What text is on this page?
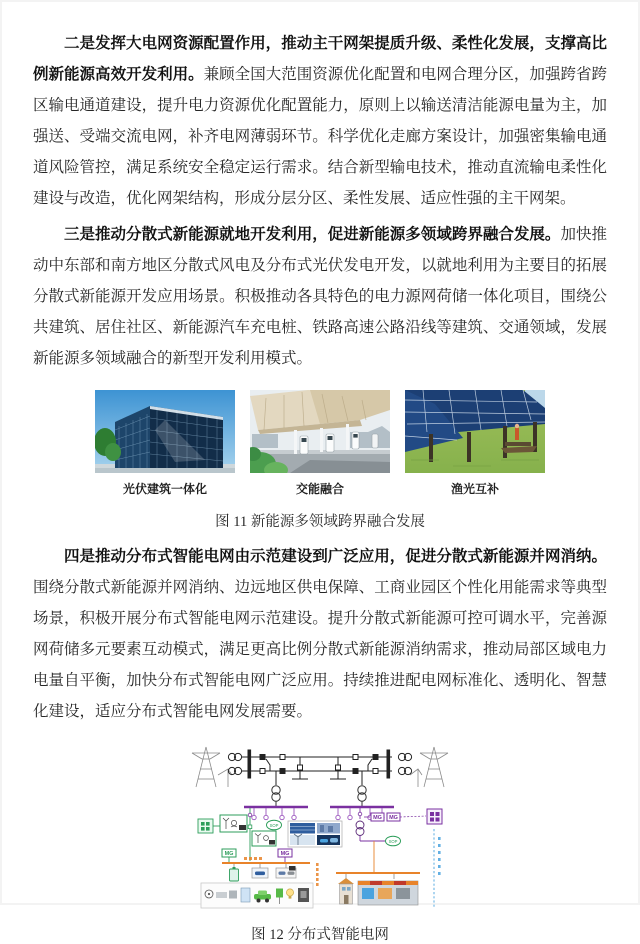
二是发挥大电网资源配置作用，推动主干网架提质升级、柔性化发展，支撑高比例新能源高效开发利用。兼顾全国大范围资源优化配置和电网合理分区，加强跨省跨区输电通道建设，提升电力资源优化配置能力，原则上以输送清洁能源电量为主，加强送、受端交流电网，补齐电网薄弱环节。科学优化走廊方案设计，加强密集输电通道风险管控，满足系统安全稳定运行需求。结合新型输电技术，推动直流输电柔性化建设与改造，优化网架结构，形成分层分区、柔性发展、适应性强的主干网架。

三是推动分散式新能源就地开发利用，促进新能源多领域跨界融合发展。加快推动中东部和南方地区分散式风电及分布式光伏发电开发，以就地利用为主要目的拓展分散式新能源开发应用场景。积极推动各具特色的电力源网荷储一体化项目，围绕公共建筑、居住社区、新能源汽车充电桩、铁路高速公路沿线等建筑、交通领域，发展新能源多领域融合的新型开发利用模式。

光伏建筑一体化	交能融合	渔光互补
图 11 新能源多领域跨界融合发展

四是推动分布式智能电网由示范建设到广泛应用，促进分散式新能源并网消纳。围绕分散式新能源并网消纳、边远地区供电保障、工商业园区个性化用能需求等典型场景，积极开展分布式智能电网示范建设。提升分散式新能源可控可调水平，完善源网荷储多元要素互动模式，满足更高比例分散式新能源消纳需求，推动局部区域电力电量自平衡，加快分布式智能电网广泛应用。持续推进配电网标准化、透明化、智慧化建设，适应分布式智能电网发展需要。

MG	MG
SOP
SOP
MG MG
图 12 分布式智能电网
